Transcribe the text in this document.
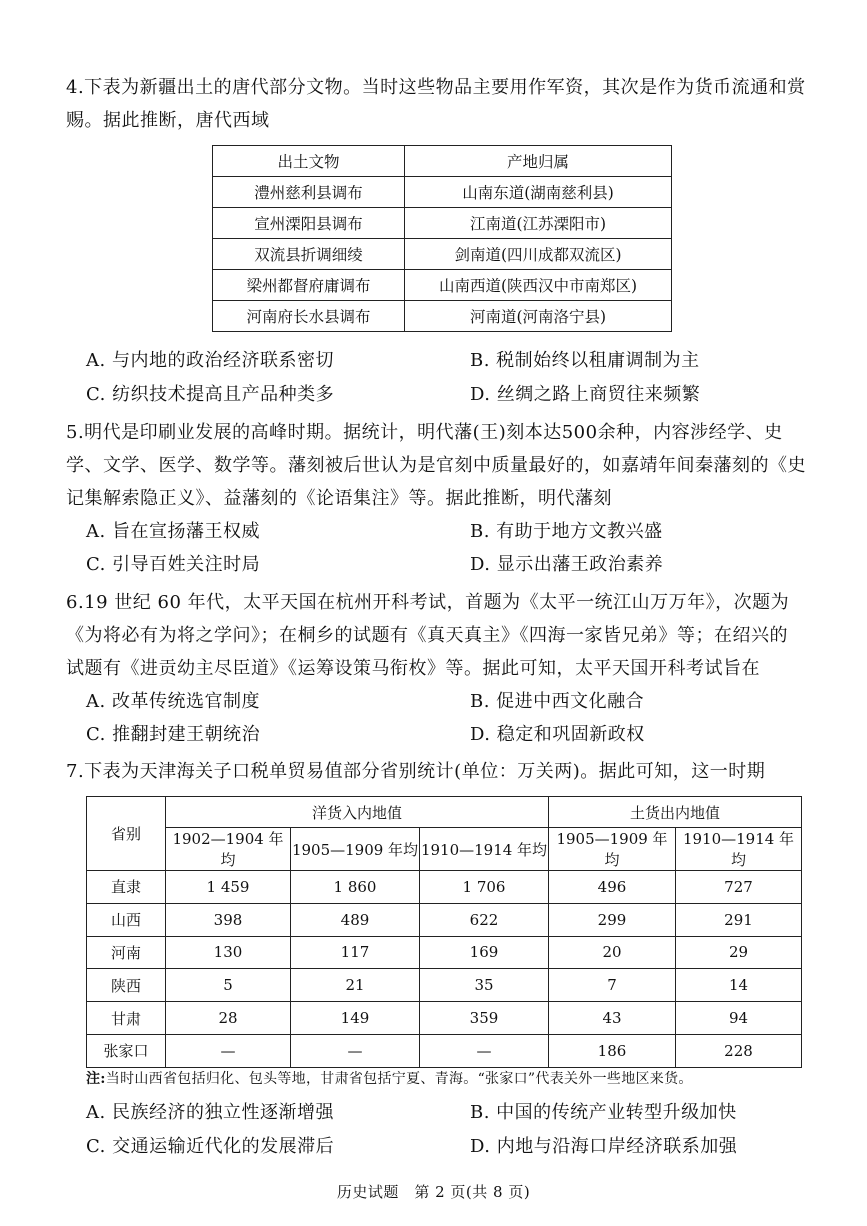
4.下表为新疆出土的唐代部分文物。当时这些物品主要用作军资，其次是作为货币流通和赏赐。据此推断，唐代西域
出土文物	产地归属
澧州慈利县调布	山南东道(湖南慈利县)
宣州溧阳县调布	江南道(江苏溧阳市)
双流县折调细绫	剑南道(四川成都双流区)
梁州都督府庸调布	山南西道(陕西汉中市南郑区)
河南府长水县调布	河南道(河南洛宁县)
A. 与内地的政治经济联系密切	B. 税制始终以租庸调制为主
C. 纺织技术提高且产品种类多	D. 丝绸之路上商贸往来频繁
5.明代是印刷业发展的高峰时期。据统计，明代藩(王)刻本达500余种，内容涉经学、史学、文学、医学、数学等。藩刻被后世认为是官刻中质量最好的，如嘉靖年间秦藩刻的《史记集解索隐正义》、益藩刻的《论语集注》等。据此推断，明代藩刻
A. 旨在宣扬藩王权威	B. 有助于地方文教兴盛
C. 引导百姓关注时局	D. 显示出藩王政治素养
6.19 世纪 60 年代，太平天国在杭州开科考试，首题为《太平一统江山万万年》，次题为《为将必有为将之学问》；在桐乡的试题有《真天真主》《四海一家皆兄弟》等；在绍兴的试题有《进贡幼主尽臣道》《运筹设策马衔枚》等。据此可知，太平天国开科考试旨在
A. 改革传统选官制度	B. 促进中西文化融合
C. 推翻封建王朝统治	D. 稳定和巩固新政权
7.下表为天津海关子口税单贸易值部分省别统计(单位：万关两)。据此可知，这一时期
省别	洋货入内地值			土货出内地值	
	1902—1904 年均	1905—1909 年均	1910—1914 年均	1905—1909 年均	1910—1914 年均
直隶	1 459	1 860	1 706	496	727
山西	398	489	622	299	291
河南	130	117	169	20	29
陕西	5	21	35	7	14
甘肃	28	149	359	43	94
张家口	—	—	—	186	228
注:当时山西省包括归化、包头等地，甘肃省包括宁夏、青海。“张家口”代表关外一些地区来货。
A. 民族经济的独立性逐渐增强	B. 中国的传统产业转型升级加快
C. 交通运输近代化的发展滞后	D. 内地与沿海口岸经济联系加强
历史试题　第 2 页(共 8 页)
